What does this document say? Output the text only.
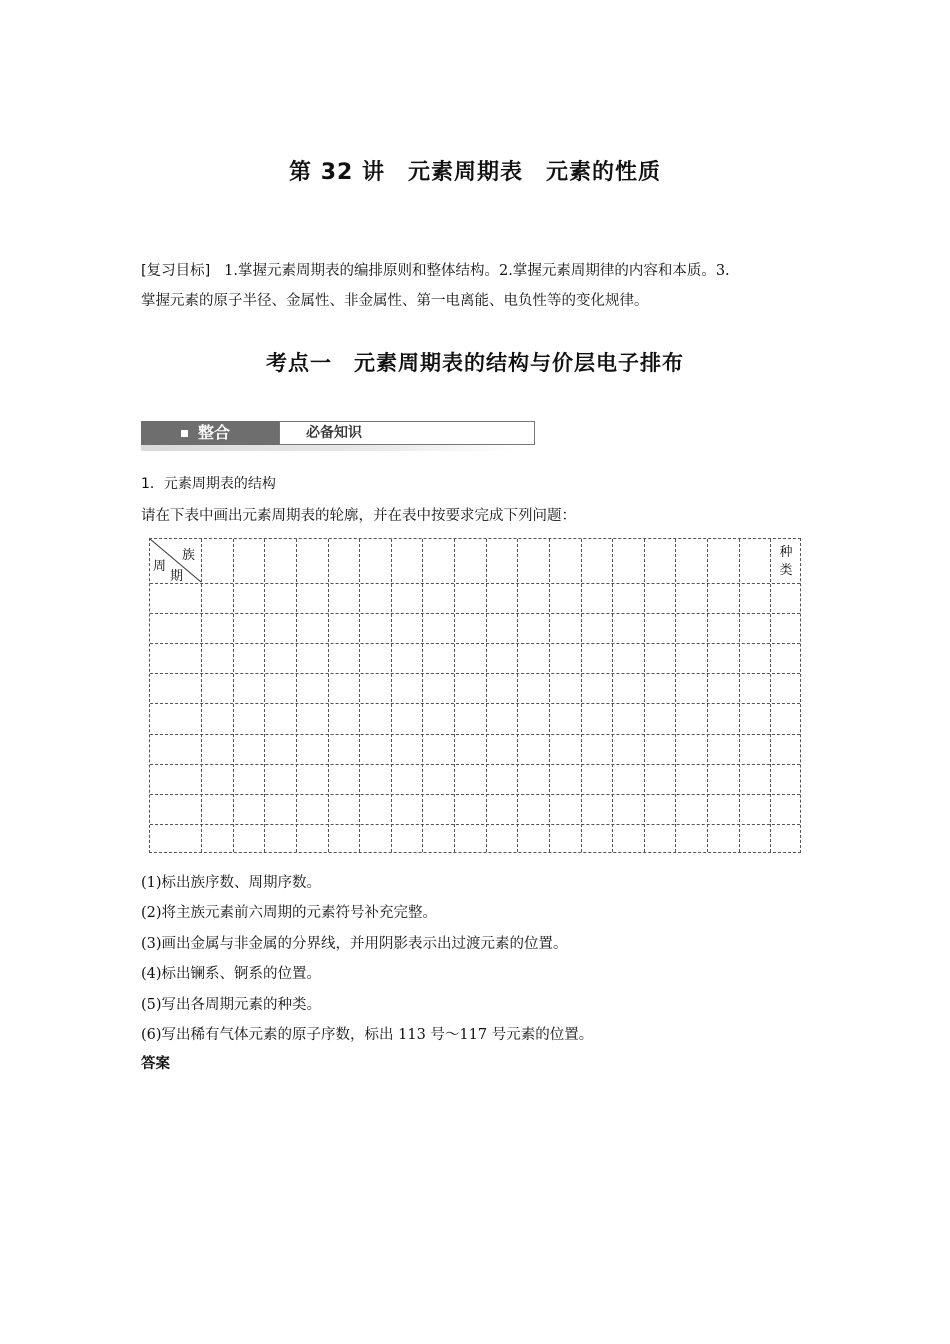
第 32 讲　元素周期表　元素的性质
[复习目标] 1.掌握元素周期表的编排原则和整体结构。2.掌握元素周期律的内容和本质。3.
掌握元素的原子半径、金属性、非金属性、第一电离能、电负性等的变化规律。
考点一　元素周期表的结构与价层电子排布
整合	必备知识
1．元素周期表的结构
请在下表中画出元素周期表的轮廓，并在表中按要求完成下列问题：
族
周
期
种
类
(1)标出族序数、周期序数。
(2)将主族元素前六周期的元素符号补充完整。
(3)画出金属与非金属的分界线，并用阴影表示出过渡元素的位置。
(4)标出镧系、锕系的位置。
(5)写出各周期元素的种类。
(6)写出稀有气体元素的原子序数，标出 113 号～117 号元素的位置。
答案
